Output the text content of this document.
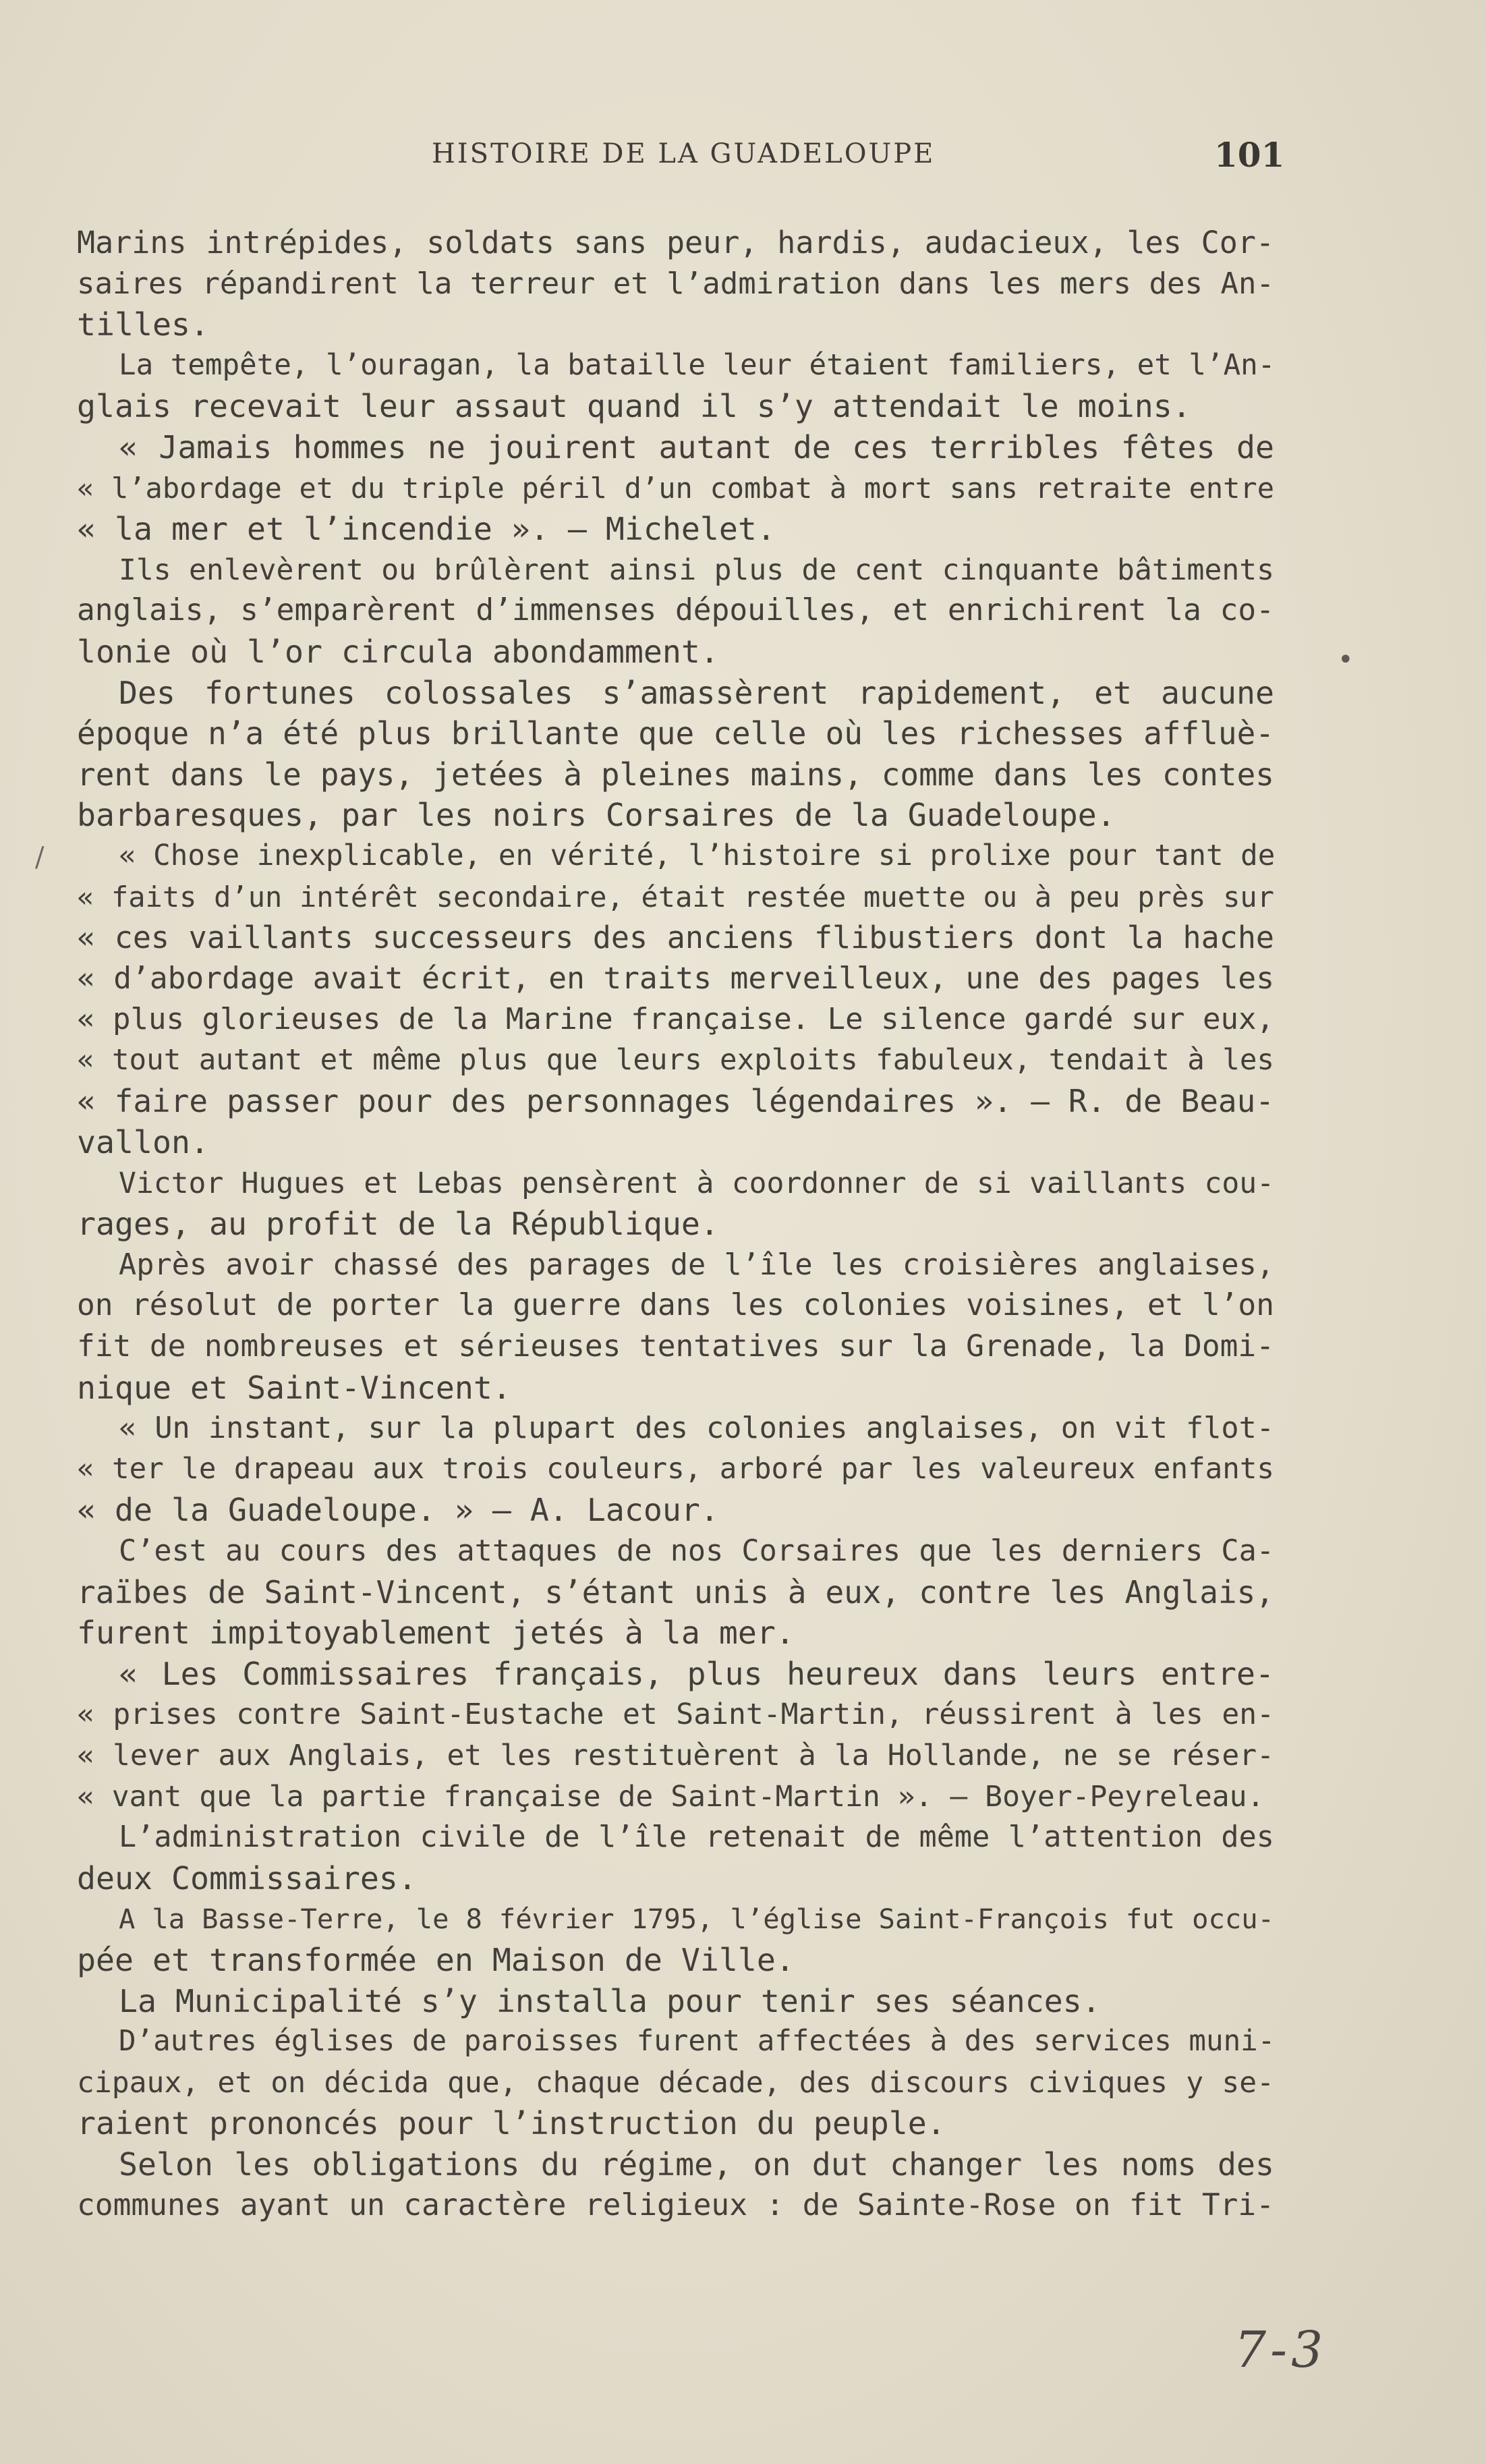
HISTOIRE DE LA GUADELOUPE	101
Marins intrépides, soldats sans peur, hardis, audacieux, les Cor-
saires répandirent la terreur et l’admiration dans les mers des An-
tilles.
La tempête, l’ouragan, la bataille leur étaient familiers, et l’An-
glais recevait leur assaut quand il s’y attendait le moins.
« Jamais hommes ne jouirent autant de ces terribles fêtes de
« l’abordage et du triple péril d’un combat à mort sans retraite entre
« la mer et l’incendie ». — Michelet.
Ils enlevèrent ou brûlèrent ainsi plus de cent cinquante bâtiments
anglais, s’emparèrent d’immenses dépouilles, et enrichirent la co-
lonie où l’or circula abondamment.
Des fortunes colossales s’amassèrent rapidement, et aucune
époque n’a été plus brillante que celle où les richesses affluè-
rent dans le pays, jetées à pleines mains, comme dans les contes
barbaresques, par les noirs Corsaires de la Guadeloupe.
« Chose inexplicable, en vérité, l’histoire si prolixe pour tant de
« faits d’un intérêt secondaire, était restée muette ou à peu près sur
« ces vaillants successeurs des anciens flibustiers dont la hache
« d’abordage avait écrit, en traits merveilleux, une des pages les
« plus glorieuses de la Marine française. Le silence gardé sur eux,
« tout autant et même plus que leurs exploits fabuleux, tendait à les
« faire passer pour des personnages légendaires ». — R. de Beau-
vallon.
Victor Hugues et Lebas pensèrent à coordonner de si vaillants cou-
rages, au profit de la République.
Après avoir chassé des parages de l’île les croisières anglaises,
on résolut de porter la guerre dans les colonies voisines, et l’on
fit de nombreuses et sérieuses tentatives sur la Grenade, la Domi-
nique et Saint-Vincent.
« Un instant, sur la plupart des colonies anglaises, on vit flot-
« ter le drapeau aux trois couleurs, arboré par les valeureux enfants
« de la Guadeloupe. » — A. Lacour.
C’est au cours des attaques de nos Corsaires que les derniers Ca-
raïbes de Saint-Vincent, s’étant unis à eux, contre les Anglais,
furent impitoyablement jetés à la mer.
« Les Commissaires français, plus heureux dans leurs entre-
« prises contre Saint-Eustache et Saint-Martin, réussirent à les en-
« lever aux Anglais, et les restituèrent à la Hollande, ne se réser-
« vant que la partie française de Saint-Martin ». — Boyer-Peyreleau.
L’administration civile de l’île retenait de même l’attention des
deux Commissaires.
A la Basse-Terre, le 8 février 1795, l’église Saint-François fut occu-
pée et transformée en Maison de Ville.
La Municipalité s’y installa pour tenir ses séances.
D’autres églises de paroisses furent affectées à des services muni-
cipaux, et on décida que, chaque décade, des discours civiques y se-
raient prononcés pour l’instruction du peuple.
Selon les obligations du régime, on dut changer les noms des
communes ayant un caractère religieux : de Sainte-Rose on fit Tri-
/
•
7-3
